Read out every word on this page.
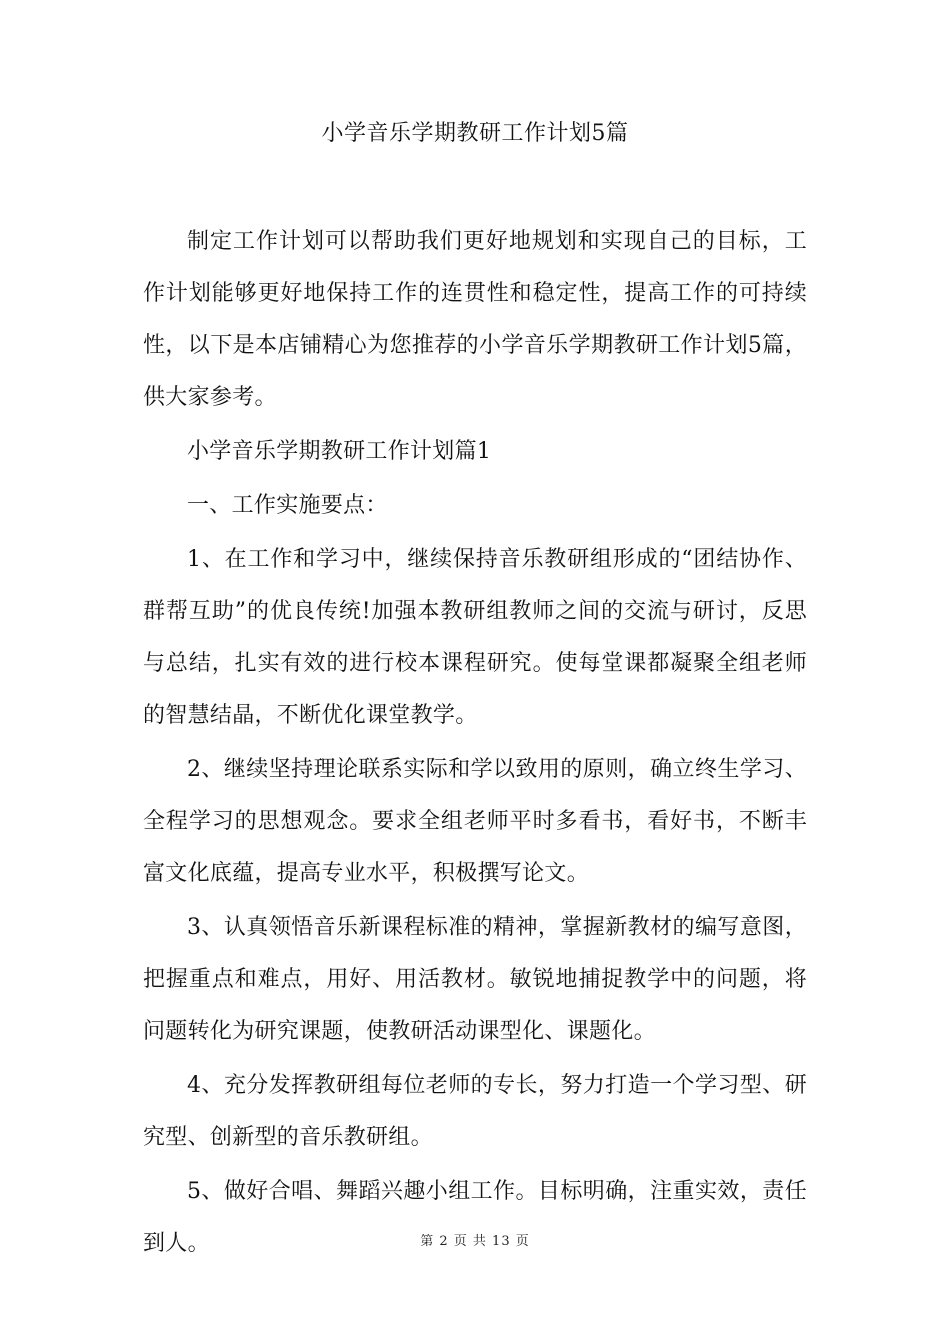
小学音乐学期教研工作计划5篇

制定工作计划可以帮助我们更好地规划和实现自己的目标，工作计划能够更好地保持工作的连贯性和稳定性，提高工作的可持续性，以下是本店铺精心为您推荐的小学音乐学期教研工作计划5篇，供大家参考。

小学音乐学期教研工作计划篇1

一、工作实施要点：

1、在工作和学习中，继续保持音乐教研组形成的“团结协作、群帮互助”的优良传统!加强本教研组教师之间的交流与研讨，反思与总结，扎实有效的进行校本课程研究。使每堂课都凝聚全组老师的智慧结晶，不断优化课堂教学。

2、继续坚持理论联系实际和学以致用的原则，确立终生学习、全程学习的思想观念。要求全组老师平时多看书，看好书，不断丰富文化底蕴，提高专业水平，积极撰写论文。

3、认真领悟音乐新课程标准的精神，掌握新教材的编写意图，把握重点和难点，用好、用活教材。敏锐地捕捉教学中的问题，将问题转化为研究课题，使教研活动课型化、课题化。

4、充分发挥教研组每位老师的专长，努力打造一个学习型、研究型、创新型的音乐教研组。

5、做好合唱、舞蹈兴趣小组工作。目标明确，注重实效，责任到人。	第 2 页 共 13 页
